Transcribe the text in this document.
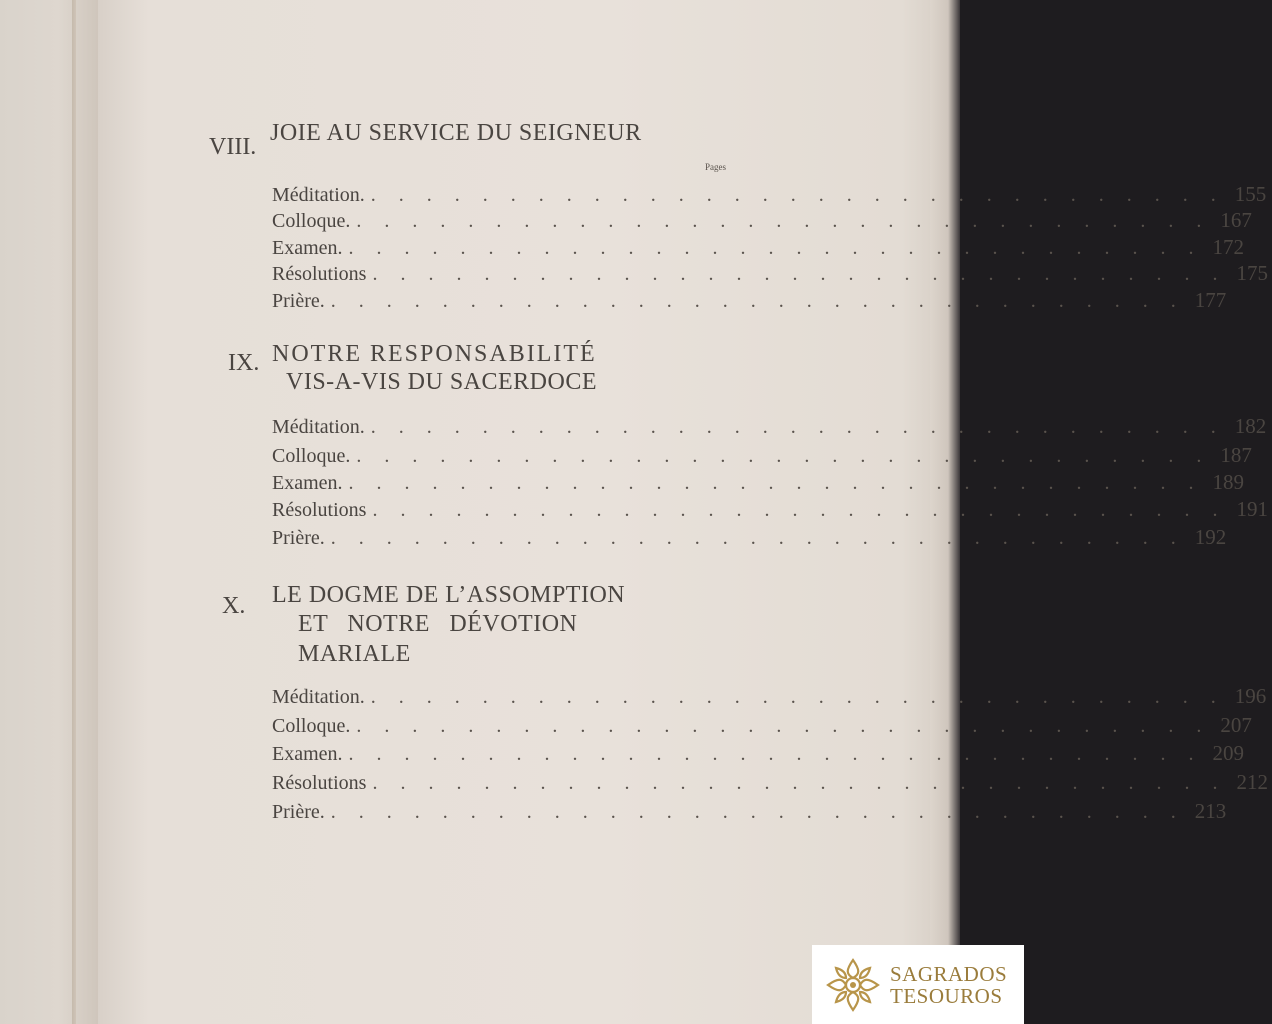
VIII.
JOIE AU SERVICE DU SEIGNEUR
Pages
Méditation. . . . . . . . . . . . . . . . . . . . . . . . . . . . . . . . 155
Colloque. . . . . . . . . . . . . . . . . . . . . . . . . . . . . . . . 167
Examen. . . . . . . . . . . . . . . . . . . . . . . . . . . . . . . . 172
Résolutions . . . . . . . . . . . . . . . . . . . . . . . . . . . . . . . 175
Prière. . . . . . . . . . . . . . . . . . . . . . . . . . . . . . . . 177
IX. NOTRE RESPONSABILITÉ
VIS-A-VIS DU SACERDOCE
Méditation. . . . . . . . . . . . . . . . . . . . . . . . . . . . . . . . 182
Colloque. . . . . . . . . . . . . . . . . . . . . . . . . . . . . . . . 187
Examen. . . . . . . . . . . . . . . . . . . . . . . . . . . . . . . . 189
Résolutions . . . . . . . . . . . . . . . . . . . . . . . . . . . . . . . 191
Prière. . . . . . . . . . . . . . . . . . . . . . . . . . . . . . . . 192
X. LE DOGME DE L’ASSOMPTION
ET   NOTRE   DÉVOTION
MARIALE
Méditation. . . . . . . . . . . . . . . . . . . . . . . . . . . . . . . . 196
Colloque. . . . . . . . . . . . . . . . . . . . . . . . . . . . . . . . 207
Examen. . . . . . . . . . . . . . . . . . . . . . . . . . . . . . . . 209
Résolutions . . . . . . . . . . . . . . . . . . . . . . . . . . . . . . . 212
Prière. . . . . . . . . . . . . . . . . . . . . . . . . . . . . . . . 213
SAGRADOS
TESOUROS
